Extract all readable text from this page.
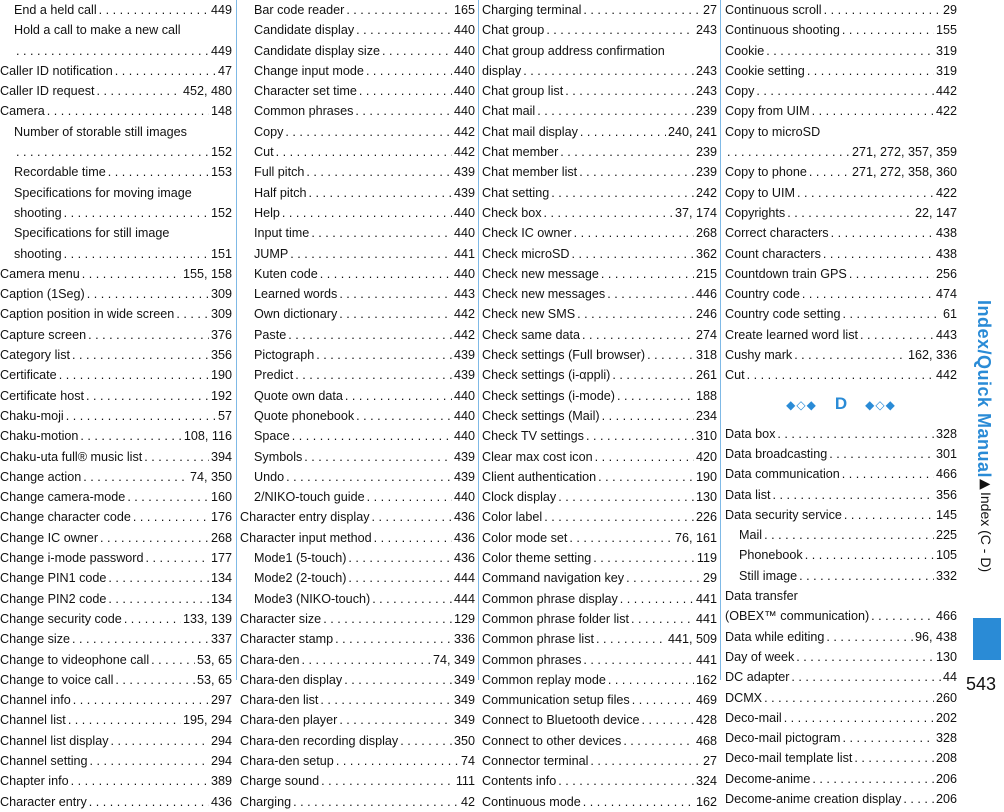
End a held call . . .	449
Hold a call to make a new call
. . .
449
Caller ID notification . . .	47
Caller ID request . . .	452, 480
Camera . . .	148
Number of storable still images
. . .
152
Recordable time . . .	153
Specifications for moving image
shooting . . .	152
Specifications for still image
shooting . . .	151
Camera menu . . .	155, 158
Caption (1Seg) . . .	309
Caption position in wide screen . . .	309
Capture screen . . .	376
Category list . . .	356
Certificate . . .	190
Certificate host . . .	192
Chaku-moji . . .	57
Chaku-motion . . .	108, 116
Chaku-uta full® music list . . .	394
Change action . . .	74, 350
Change camera-mode . . .	160
Change character code . . .	176
Change IC owner . . .	268
Change i-mode password . . .	177
Change PIN1 code . . .	134
Change PIN2 code . . .	134
Change security code . . .	133, 139
Change size . . .	337
Change to videophone call . . .	53, 65
Change to voice call . . .	53, 65
Channel info . . .	297
Channel list . . .	195, 294
Channel list display . . .	294
Channel setting . . .	294
Chapter info . . .	389
Character entry . . .	436
Bar code reader . . .	165
Candidate display . . .	440
Candidate display size . . .	440
Change input mode . . .	440
Character set time . . .	440
Common phrases . . .	440
Copy . . .	442
Cut . . .	442
Full pitch . . .	439
Half pitch . . .	439
Help . . .	440
Input time . . .	440
JUMP . . .	441
Kuten code . . .	440
Learned words . . .	443
Own dictionary . . .	442
Paste . . .	442
Pictograph . . .	439
Predict . . .	439
Quote own data . . .	440
Quote phonebook . . .	440
Space . . .	440
Symbols . . .	439
Undo . . .	439
2/NIKO-touch guide . . .	440
Character entry display . . .	436
Character input method . . .	436
Mode1 (5-touch) . . .	436
Mode2 (2-touch) . . .	444
Mode3 (NIKO-touch) . . .	444
Character size . . .	129
Character stamp . . .	336
Chara-den . . .	74, 349
Chara-den display . . .	349
Chara-den list . . .	349
Chara-den player . . .	349
Chara-den recording display . . .	350
Chara-den setup . . .	74
Charge sound . . .	111
Charging . . .	42
Charging terminal . . .	27
Chat group . . .	243
Chat group address confirmation
display . . .	243
Chat group list . . .	243
Chat mail . . .	239
Chat mail display . . .	240, 241
Chat member . . .	239
Chat member list . . .	239
Chat setting . . .	242
Check box . . .	37, 174
Check IC owner . . .	268
Check microSD . . .	362
Check new message . . .	215
Check new messages . . .	446
Check new SMS . . .	246
Check same data . . .	274
Check settings (Full browser) . . .	318
Check settings (i-αppli) . . .	261
Check settings (i-mode) . . .	188
Check settings (Mail) . . .	234
Check TV settings . . .	310
Clear max cost icon . . .	420
Client authentication . . .	190
Clock display . . .	130
Color label . . .	226
Color mode set . . .	76, 161
Color theme setting . . .	119
Command navigation key . . .	29
Common phrase display . . .	441
Common phrase folder list . . .	441
Common phrase list . . .	441, 509
Common phrases . . .	441
Common replay mode . . .	162
Communication setup files . . .	469
Connect to Bluetooth device . . .	428
Connect to other devices . . .	468
Connector terminal . . .	27
Contents info . . .	324
Continuous mode . . .	162
Continuous scroll . . .	29
Continuous shooting . . .	155
Cookie . . .	319
Cookie setting . . .	319
Copy . . .	442
Copy from UIM . . .	422
Copy to microSD
. . .
271, 272, 357, 359
Copy to phone . . .	271, 272, 358, 360
Copy to UIM . . .	422
Copyrights . . .	22, 147
Correct characters . . .	438
Count characters . . .	438
Countdown train GPS . . .	256
Country code . . .	474
Country code setting . . .	61
Create learned word list . . .	443
Cushy mark . . .	162, 336
Cut . . .	442
◆◇◆ D ◆◇◆
Data box . . .	328
Data broadcasting . . .	301
Data communication . . .	466
Data list . . .	356
Data security service . . .	145
Mail . . .	225
Phonebook . . .	105
Still image . . .	332
Data transfer
(OBEX™ communication) . . .	466
Data while editing . . .	96, 438
Day of week . . .	130
DC adapter . . .	44
DCMX . . .	260
Deco-mail . . .	202
Deco-mail pictogram . . .	328
Deco-mail template list . . .	208
Decome-anime . . .	206
Decome-anime creation display . . .	206
Index/Quick Manual
▶Index (C - D)
543
